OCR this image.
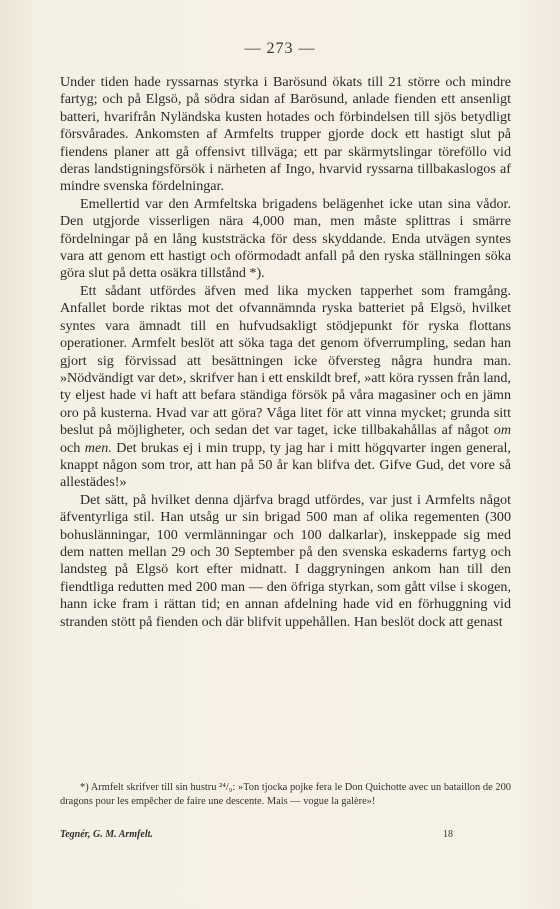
— 273 —

Under tiden hade ryssarnas styrka i Barösund ökats till 21 större och mindre fartyg; och på Elgsö, på södra sidan af Barösund, anlade fienden ett ansenligt batteri, hvarifrån Nyländska kusten hotades och förbindelsen till sjös betydligt försvårades. Ankomsten af Armfelts trupper gjorde dock ett hastigt slut på fiendens planer att gå offensivt tillväga; ett par skärmytslingar töreföllo vid deras landstigningsförsök i närheten af Ingo, hvarvid ryssarna tillbakaslogos af mindre svenska fördelningar.

Emellertid var den Armfeltska brigadens belägenhet icke utan sina vådor. Den utgjorde visserligen nära 4,000 man, men måste splittras i smärre fördelningar på en lång kuststräcka för dess skyddande. Enda utvägen syntes vara att genom ett hastigt och oförmodadt anfall på den ryska ställningen söka göra slut på detta osäkra tillstånd *).

Ett sådant utfördes äfven med lika mycken tapperhet som framgång. Anfallet borde riktas mot det ofvannämnda ryska batteriet på Elgsö, hvilket syntes vara ämnadt till en hufvudsakligt stödjepunkt för ryska flottans operationer. Armfelt beslöt att söka taga det genom öfverrumpling, sedan han gjort sig förvissad att besättningen icke öfversteg några hundra man. »Nödvändigt var det», skrifver han i ett enskildt bref, »att köra ryssen från land, ty eljest hade vi haft att befara ständiga försök på våra magasiner och en jämn oro på kusterna. Hvad var att göra? Våga litet för att vinna mycket; grunda sitt beslut på möjligheter, och sedan det var taget, icke tillbakahållas af något om och men. Det brukas ej i min trupp, ty jag har i mitt högqvarter ingen general, knappt någon som tror, att han på 50 år kan blifva det. Gifve Gud, det vore så allestädes!»

Det sätt, på hvilket denna djärfva bragd utfördes, var just i Armfelts något äfventyrliga stil. Han utsåg ur sin brigad 500 man af olika regementen (300 bohuslänningar, 100 vermlänningar och 100 dalkarlar), inskeppade sig med dem natten mellan 29 och 30 September på den svenska eskaderns fartyg och landsteg på Elgsö kort efter midnatt. I daggryningen ankom han till den fiendtliga redutten med 200 man — den öfriga styrkan, som gått vilse i skogen, hann icke fram i rättan tid; en annan afdelning hade vid en förhuggning vid stranden stött på fienden och där blifvit uppehållen. Han beslöt dock att genast

*) Armfelt skrifver till sin hustru ²⁴/₉: »Ton tjocka pojke fera le Don Quichotte avec un bataillon de 200 dragons pour les empêcher de faire une descente. Mais — vogue la galère»!

Tegnér, G. M. Armfelt.	18
